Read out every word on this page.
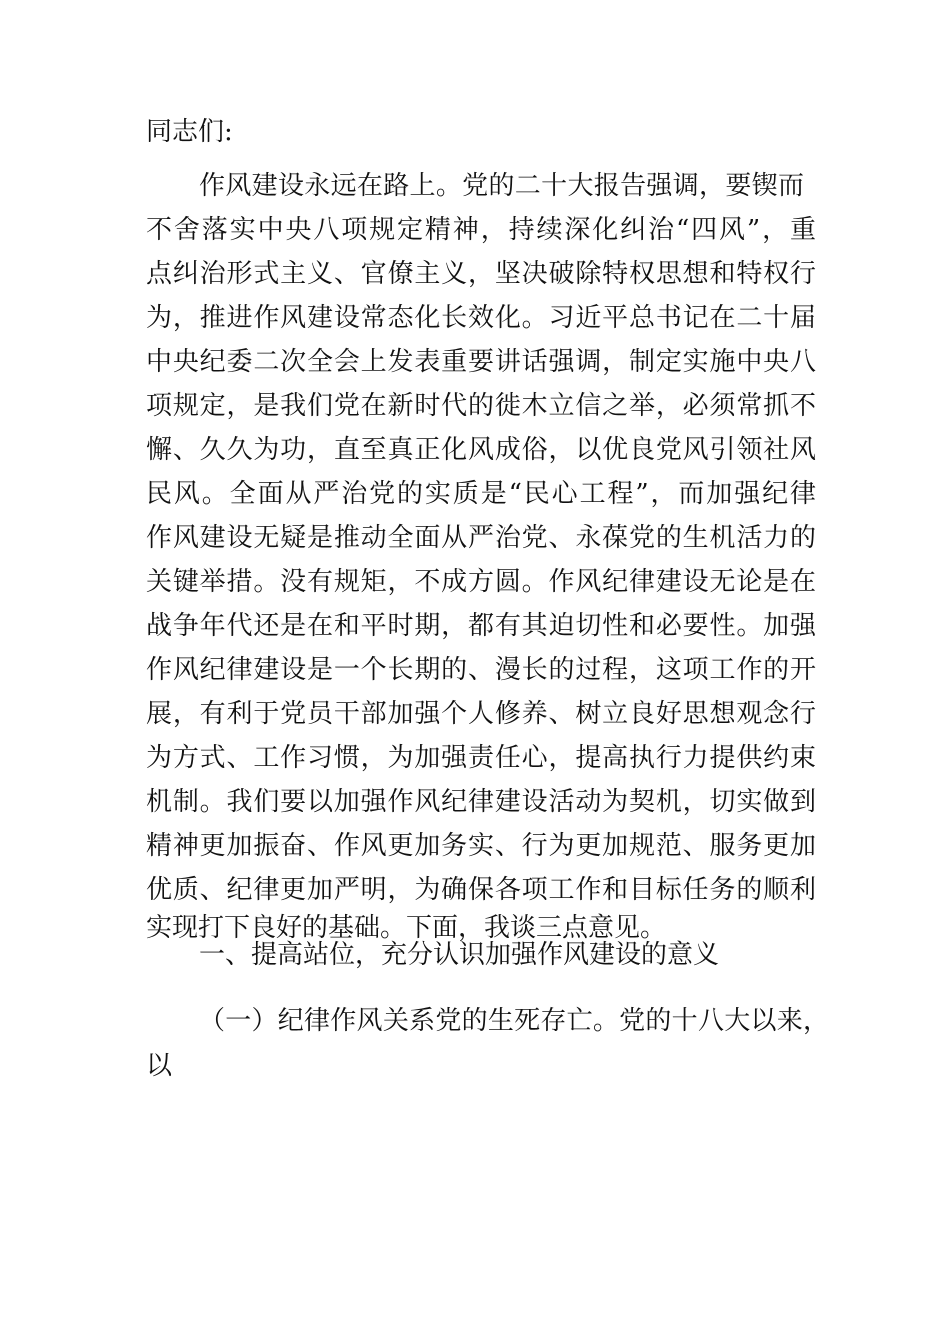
同志们:
作风建设永远在路上。党的二十大报告强调，要锲而
不舍落实中央八项规定精神，持续深化纠治“四风”，重
点纠治形式主义、官僚主义，坚决破除特权思想和特权行
为，推进作风建设常态化长效化。习近平总书记在二十届
中央纪委二次全会上发表重要讲话强调，制定实施中央八
项规定，是我们党在新时代的徙木立信之举，必须常抓不
懈、久久为功，直至真正化风成俗，以优良党风引领社风
民风。全面从严治党的实质是“民心工程”，而加强纪律
作风建设无疑是推动全面从严治党、永葆党的生机活力的
关键举措。没有规矩，不成方圆。作风纪律建设无论是在
战争年代还是在和平时期，都有其迫切性和必要性。加强
作风纪律建设是一个长期的、漫长的过程，这项工作的开
展，有利于党员干部加强个人修养、树立良好思想观念行
为方式、工作习惯，为加强责任心，提高执行力提供约束
机制。我们要以加强作风纪律建设活动为契机，切实做到
精神更加振奋、作风更加务实、行为更加规范、服务更加
优质、纪律更加严明，为确保各项工作和目标任务的顺利
实现打下良好的基础。下面，我谈三点意见。
一、提高站位，充分认识加强作风建设的意义
（一）纪律作风关系党的生死存亡。党的十八大以来，
以
